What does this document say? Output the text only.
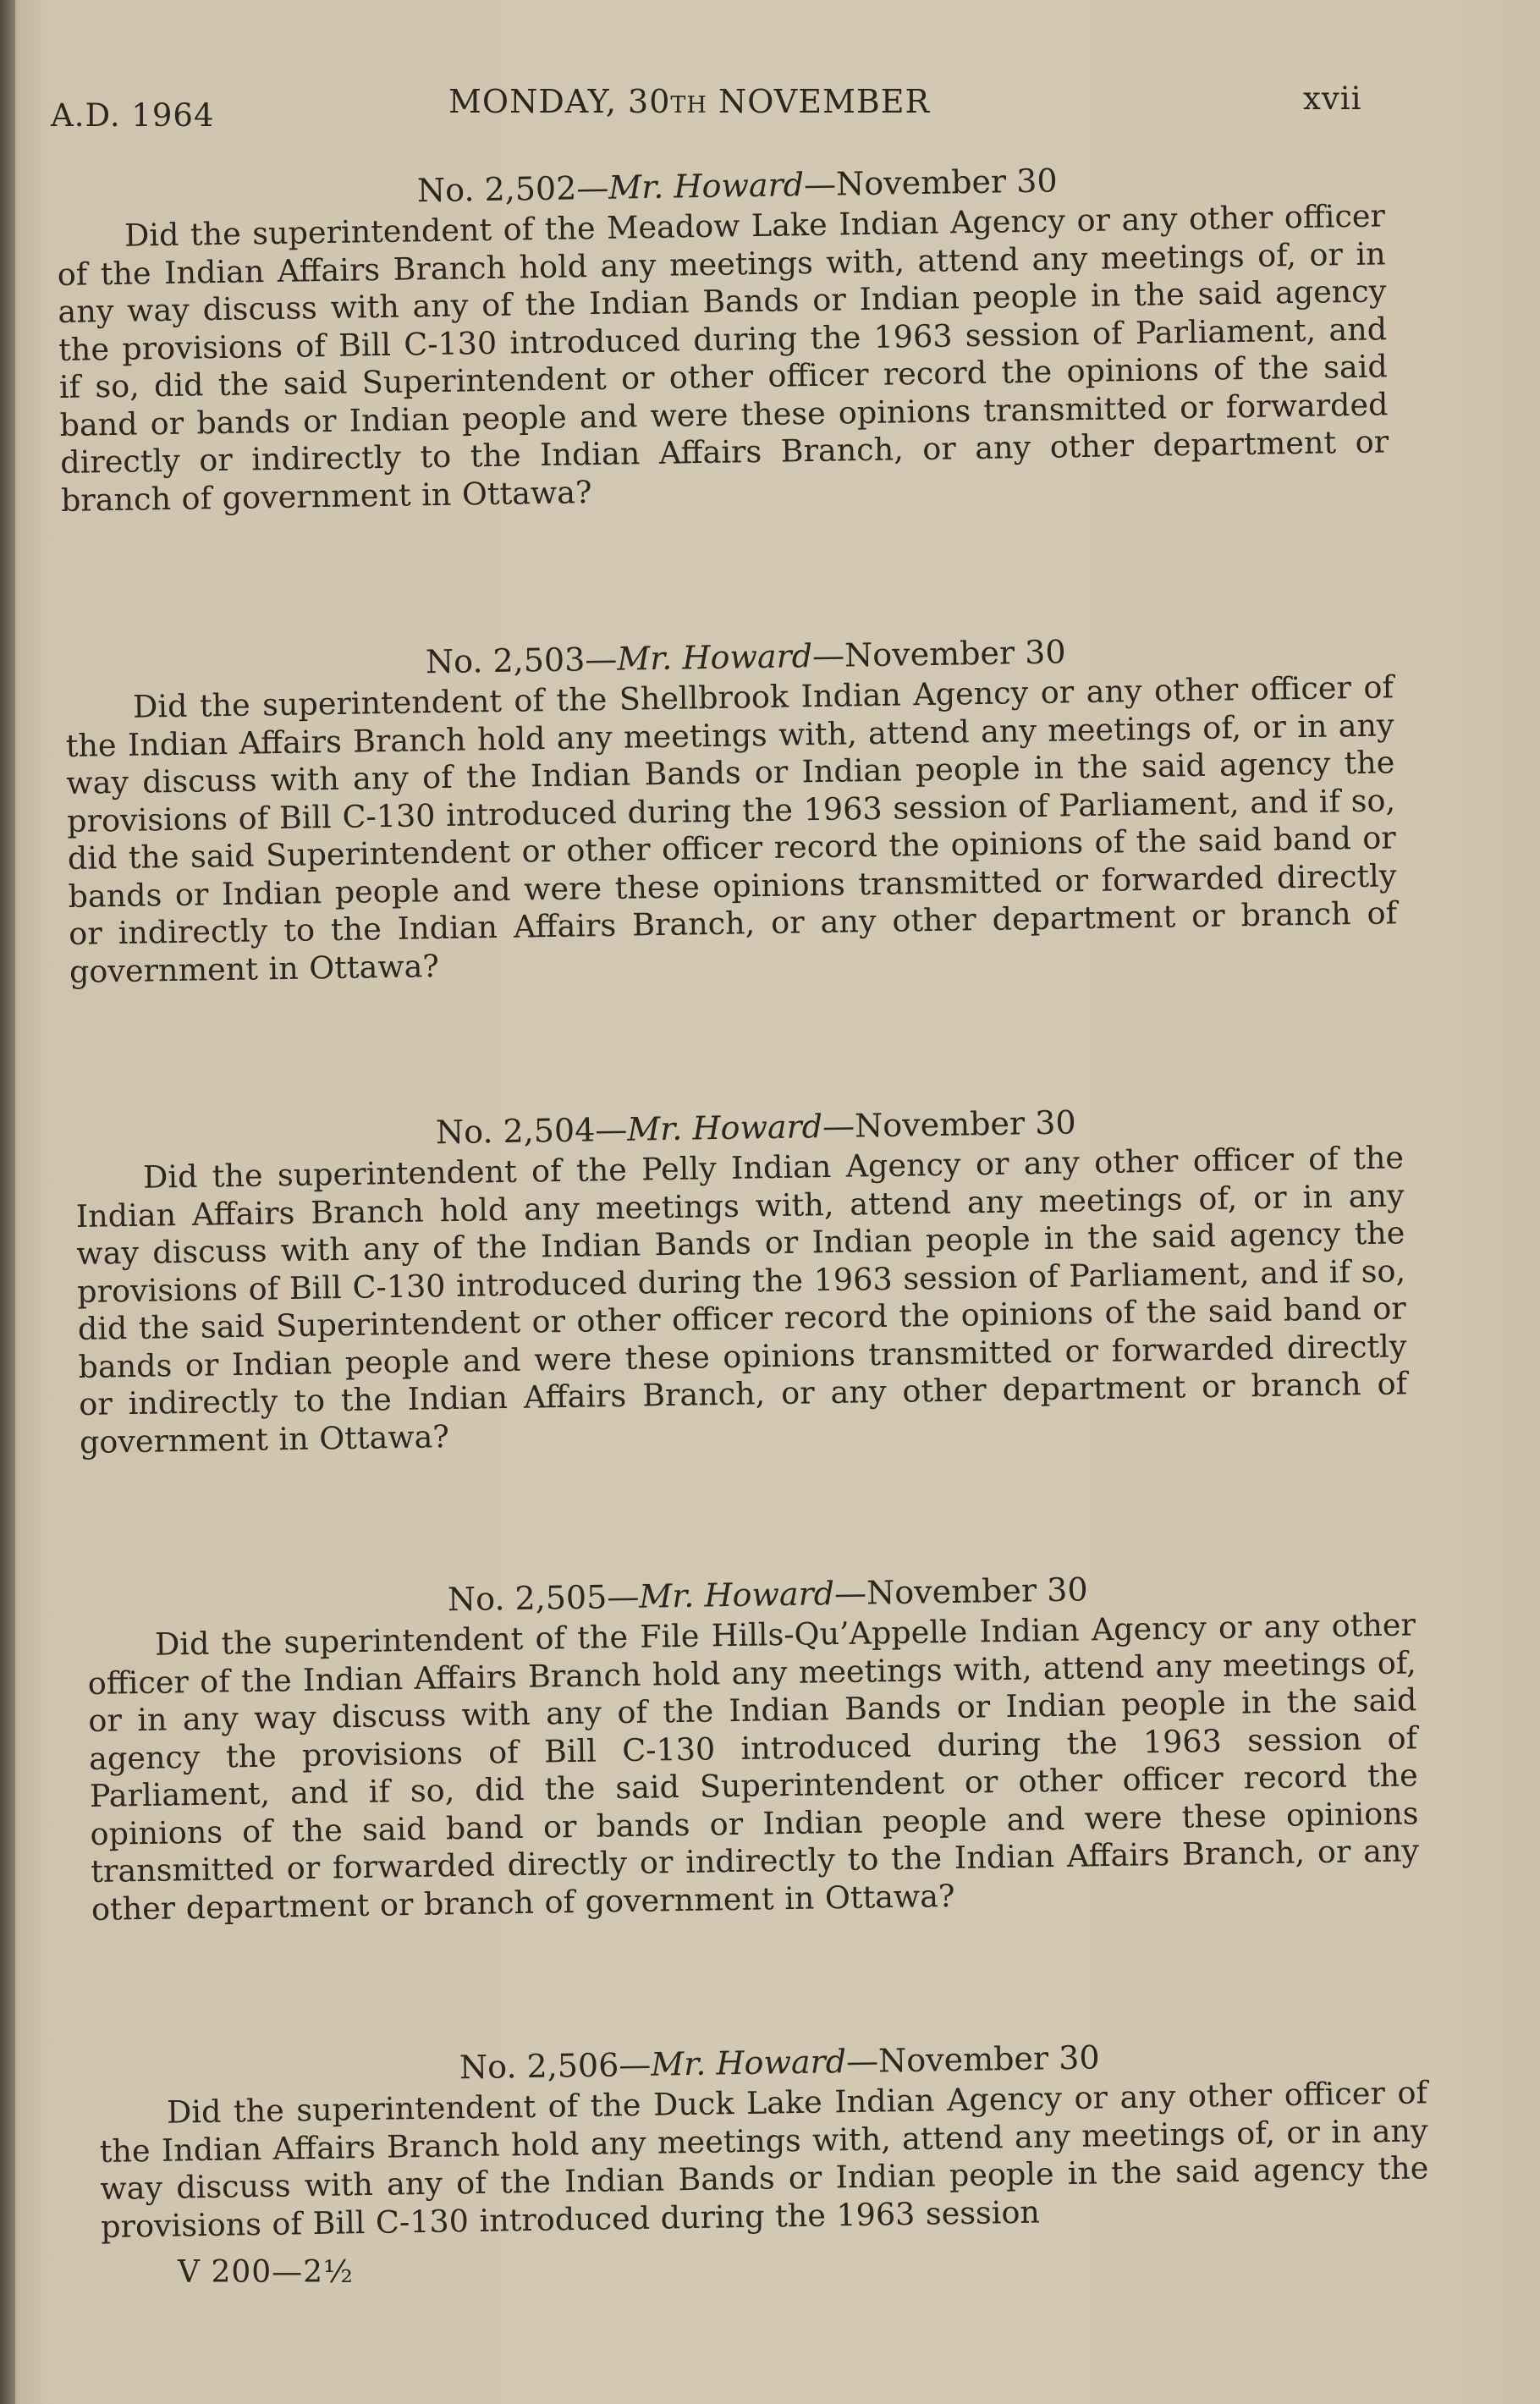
A.D. 1964	MONDAY, 30TH NOVEMBER	xvii
No. 2,502—Mr. Howard—November 30

Did the superintendent of the Meadow Lake Indian Agency or any other officer of the Indian Affairs Branch hold any meetings with, attend any meetings of, or in any way discuss with any of the Indian Bands or Indian people in the said agency the provisions of Bill C-130 introduced during the 1963 session of Parliament, and if so, did the said Superintendent or other officer record the opinions of the said band or bands or Indian people and were these opinions transmitted or forwarded directly or indirectly to the Indian Affairs Branch, or any other department or branch of government in Ottawa?

No. 2,503—Mr. Howard—November 30

Did the superintendent of the Shellbrook Indian Agency or any other officer of the Indian Affairs Branch hold any meetings with, attend any meetings of, or in any way discuss with any of the Indian Bands or Indian people in the said agency the provisions of Bill C-130 introduced during the 1963 session of Parliament, and if so, did the said Superintendent or other officer record the opinions of the said band or bands or Indian people and were these opinions transmitted or forwarded directly or indirectly to the Indian Affairs Branch, or any other department or branch of government in Ottawa?

No. 2,504—Mr. Howard—November 30

Did the superintendent of the Pelly Indian Agency or any other officer of the Indian Affairs Branch hold any meetings with, attend any meetings of, or in any way discuss with any of the Indian Bands or Indian people in the said agency the provisions of Bill C-130 introduced during the 1963 session of Parliament, and if so, did the said Superintendent or other officer record the opinions of the said band or bands or Indian people and were these opinions transmitted or forwarded directly or indirectly to the Indian Affairs Branch, or any other department or branch of government in Ottawa?

No. 2,505—Mr. Howard—November 30

Did the superintendent of the File Hills-Qu’Appelle Indian Agency or any other officer of the Indian Affairs Branch hold any meetings with, attend any meetings of, or in any way discuss with any of the Indian Bands or Indian people in the said agency the provisions of Bill C-130 introduced during the 1963 session of Parliament, and if so, did the said Superintendent or other officer record the opinions of the said band or bands or Indian people and were these opinions transmitted or forwarded directly or indirectly to the Indian Affairs Branch, or any other department or branch of government in Ottawa?

No. 2,506—Mr. Howard—November 30

Did the superintendent of the Duck Lake Indian Agency or any other officer of the Indian Affairs Branch hold any meetings with, attend any meetings of, or in any way discuss with any of the Indian Bands or Indian people in the said agency the provisions of Bill C-130 introduced during the 1963 session

V 200—2½
